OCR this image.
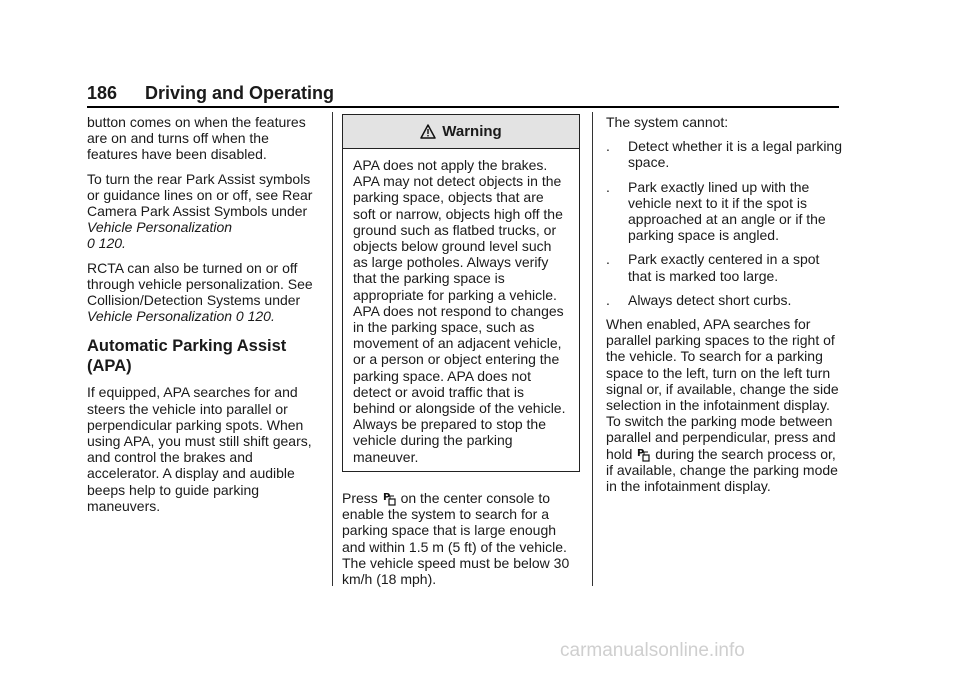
186 Driving and Operating

button comes on when the features are on and turns off when the features have been disabled.

To turn the rear Park Assist symbols or guidance lines on or off, see Rear Camera Park Assist Symbols under Vehicle Personalization
0 120.

RCTA can also be turned on or off through vehicle personalization. See Collision/Detection Systems under Vehicle Personalization 0 120.

Automatic Parking Assist (APA)

If equipped, APA searches for and steers the vehicle into parallel or perpendicular parking spots. When using APA, you must still shift gears, and control the brakes and accelerator. A display and audible beeps help to guide parking maneuvers.

Warning
APA does not apply the brakes. APA may not detect objects in the parking space, objects that are soft or narrow, objects high off the ground such as flatbed trucks, or objects below ground level such as large potholes. Always verify that the parking space is appropriate for parking a vehicle. APA does not respond to changes in the parking space, such as movement of an adjacent vehicle, or a person or object entering the parking space. APA does not detect or avoid traffic that is behind or alongside of the vehicle. Always be prepared to stop the vehicle during the parking maneuver.

Press P on the center console to enable the system to search for a parking space that is large enough and within 1.5 m (5 ft) of the vehicle. The vehicle speed must be below 30 km/h (18 mph).

The system cannot:

.	Detect whether it is a legal parking space.
.	Park exactly lined up with the vehicle next to it if the spot is approached at an angle or if the parking space is angled.
.	Park exactly centered in a spot that is marked too large.
.	Always detect short curbs.

When enabled, APA searches for parallel parking spaces to the right of the vehicle. To search for a parking space to the left, turn on the left turn signal or, if available, change the side selection in the infotainment display. To switch the parking mode between parallel and perpendicular, press and hold P during the search process or, if available, change the parking mode in the infotainment display.

carmanualsonline.info
